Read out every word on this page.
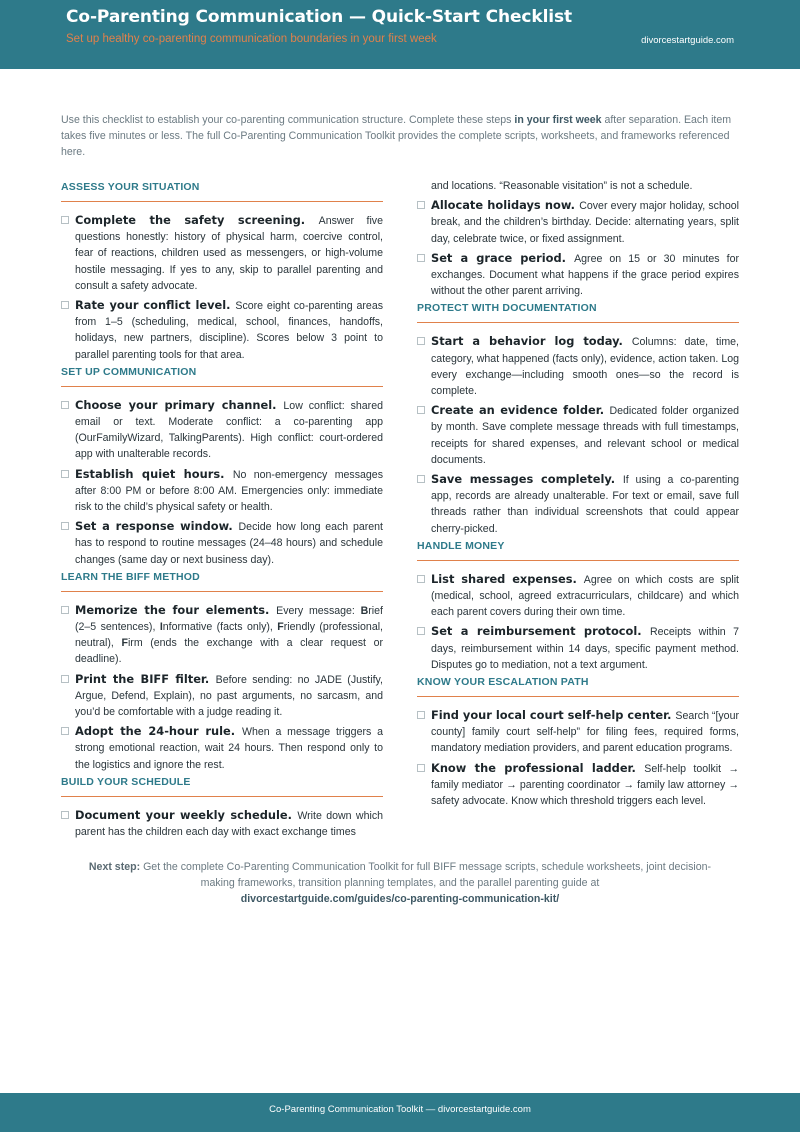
Co-Parenting Communication — Quick-Start Checklist
Set up healthy co-parenting communication boundaries in your first week	divorcestartguide.com
Use this checklist to establish your co-parenting communication structure. Complete these steps in your first week after separation. Each item takes five minutes or less. The full Co-Parenting Communication Toolkit provides the complete scripts, worksheets, and frameworks referenced here.
ASSESS YOUR SITUATION
Complete the safety screening. Answer five questions honestly: history of physical harm, coercive control, fear of reactions, children used as messengers, or high-volume hostile messaging. If yes to any, skip to parallel parenting and consult a safety advocate.
Rate your conflict level. Score eight co-parenting areas from 1–5 (scheduling, medical, school, finances, handoffs, holidays, new partners, discipline). Scores below 3 point to parallel parenting tools for that area.
SET UP COMMUNICATION
Choose your primary channel. Low conflict: shared email or text. Moderate conflict: a co-parenting app (OurFamilyWizard, TalkingParents). High conflict: court-ordered app with unalterable records.
Establish quiet hours. No non-emergency messages after 8:00 PM or before 8:00 AM. Emergencies only: immediate risk to the child’s physical safety or health.
Set a response window. Decide how long each parent has to respond to routine messages (24–48 hours) and schedule changes (same day or next business day).
LEARN THE BIFF METHOD
Memorize the four elements. Every message: Brief (2–5 sentences), Informative (facts only), Friendly (professional, neutral), Firm (ends the exchange with a clear request or deadline).
Print the BIFF filter. Before sending: no JADE (Justify, Argue, Defend, Explain), no past arguments, no sarcasm, and you’d be comfortable with a judge reading it.
Adopt the 24-hour rule. When a message triggers a strong emotional reaction, wait 24 hours. Then respond only to the logistics and ignore the rest.
BUILD YOUR SCHEDULE
Document your weekly schedule. Write down which parent has the children each day with exact exchange times
and locations. “Reasonable visitation” is not a schedule.
Allocate holidays now. Cover every major holiday, school break, and the children’s birthday. Decide: alternating years, split day, celebrate twice, or fixed assignment.
Set a grace period. Agree on 15 or 30 minutes for exchanges. Document what happens if the grace period expires without the other parent arriving.
PROTECT WITH DOCUMENTATION
Start a behavior log today. Columns: date, time, category, what happened (facts only), evidence, action taken. Log every exchange—including smooth ones—so the record is complete.
Create an evidence folder. Dedicated folder organized by month. Save complete message threads with full timestamps, receipts for shared expenses, and relevant school or medical documents.
Save messages completely. If using a co-parenting app, records are already unalterable. For text or email, save full threads rather than individual screenshots that could appear cherry-picked.
HANDLE MONEY
List shared expenses. Agree on which costs are split (medical, school, agreed extracurriculars, childcare) and which each parent covers during their own time.
Set a reimbursement protocol. Receipts within 7 days, reimbursement within 14 days, specific payment method. Disputes go to mediation, not a text argument.
KNOW YOUR ESCALATION PATH
Find your local court self-help center. Search “[your county] family court self-help” for filing fees, required forms, mandatory mediation providers, and parent education programs.
Know the professional ladder. Self-help toolkit → family mediator → parenting coordinator → family law attorney → safety advocate. Know which threshold triggers each level.
Next step: Get the complete Co-Parenting Communication Toolkit for full BIFF message scripts, schedule worksheets, joint decision-making frameworks, transition planning templates, and the parallel parenting guide at
divorcestartguide.com/guides/co-parenting-communication-kit/
Co-Parenting Communication Toolkit — divorcestartguide.com
